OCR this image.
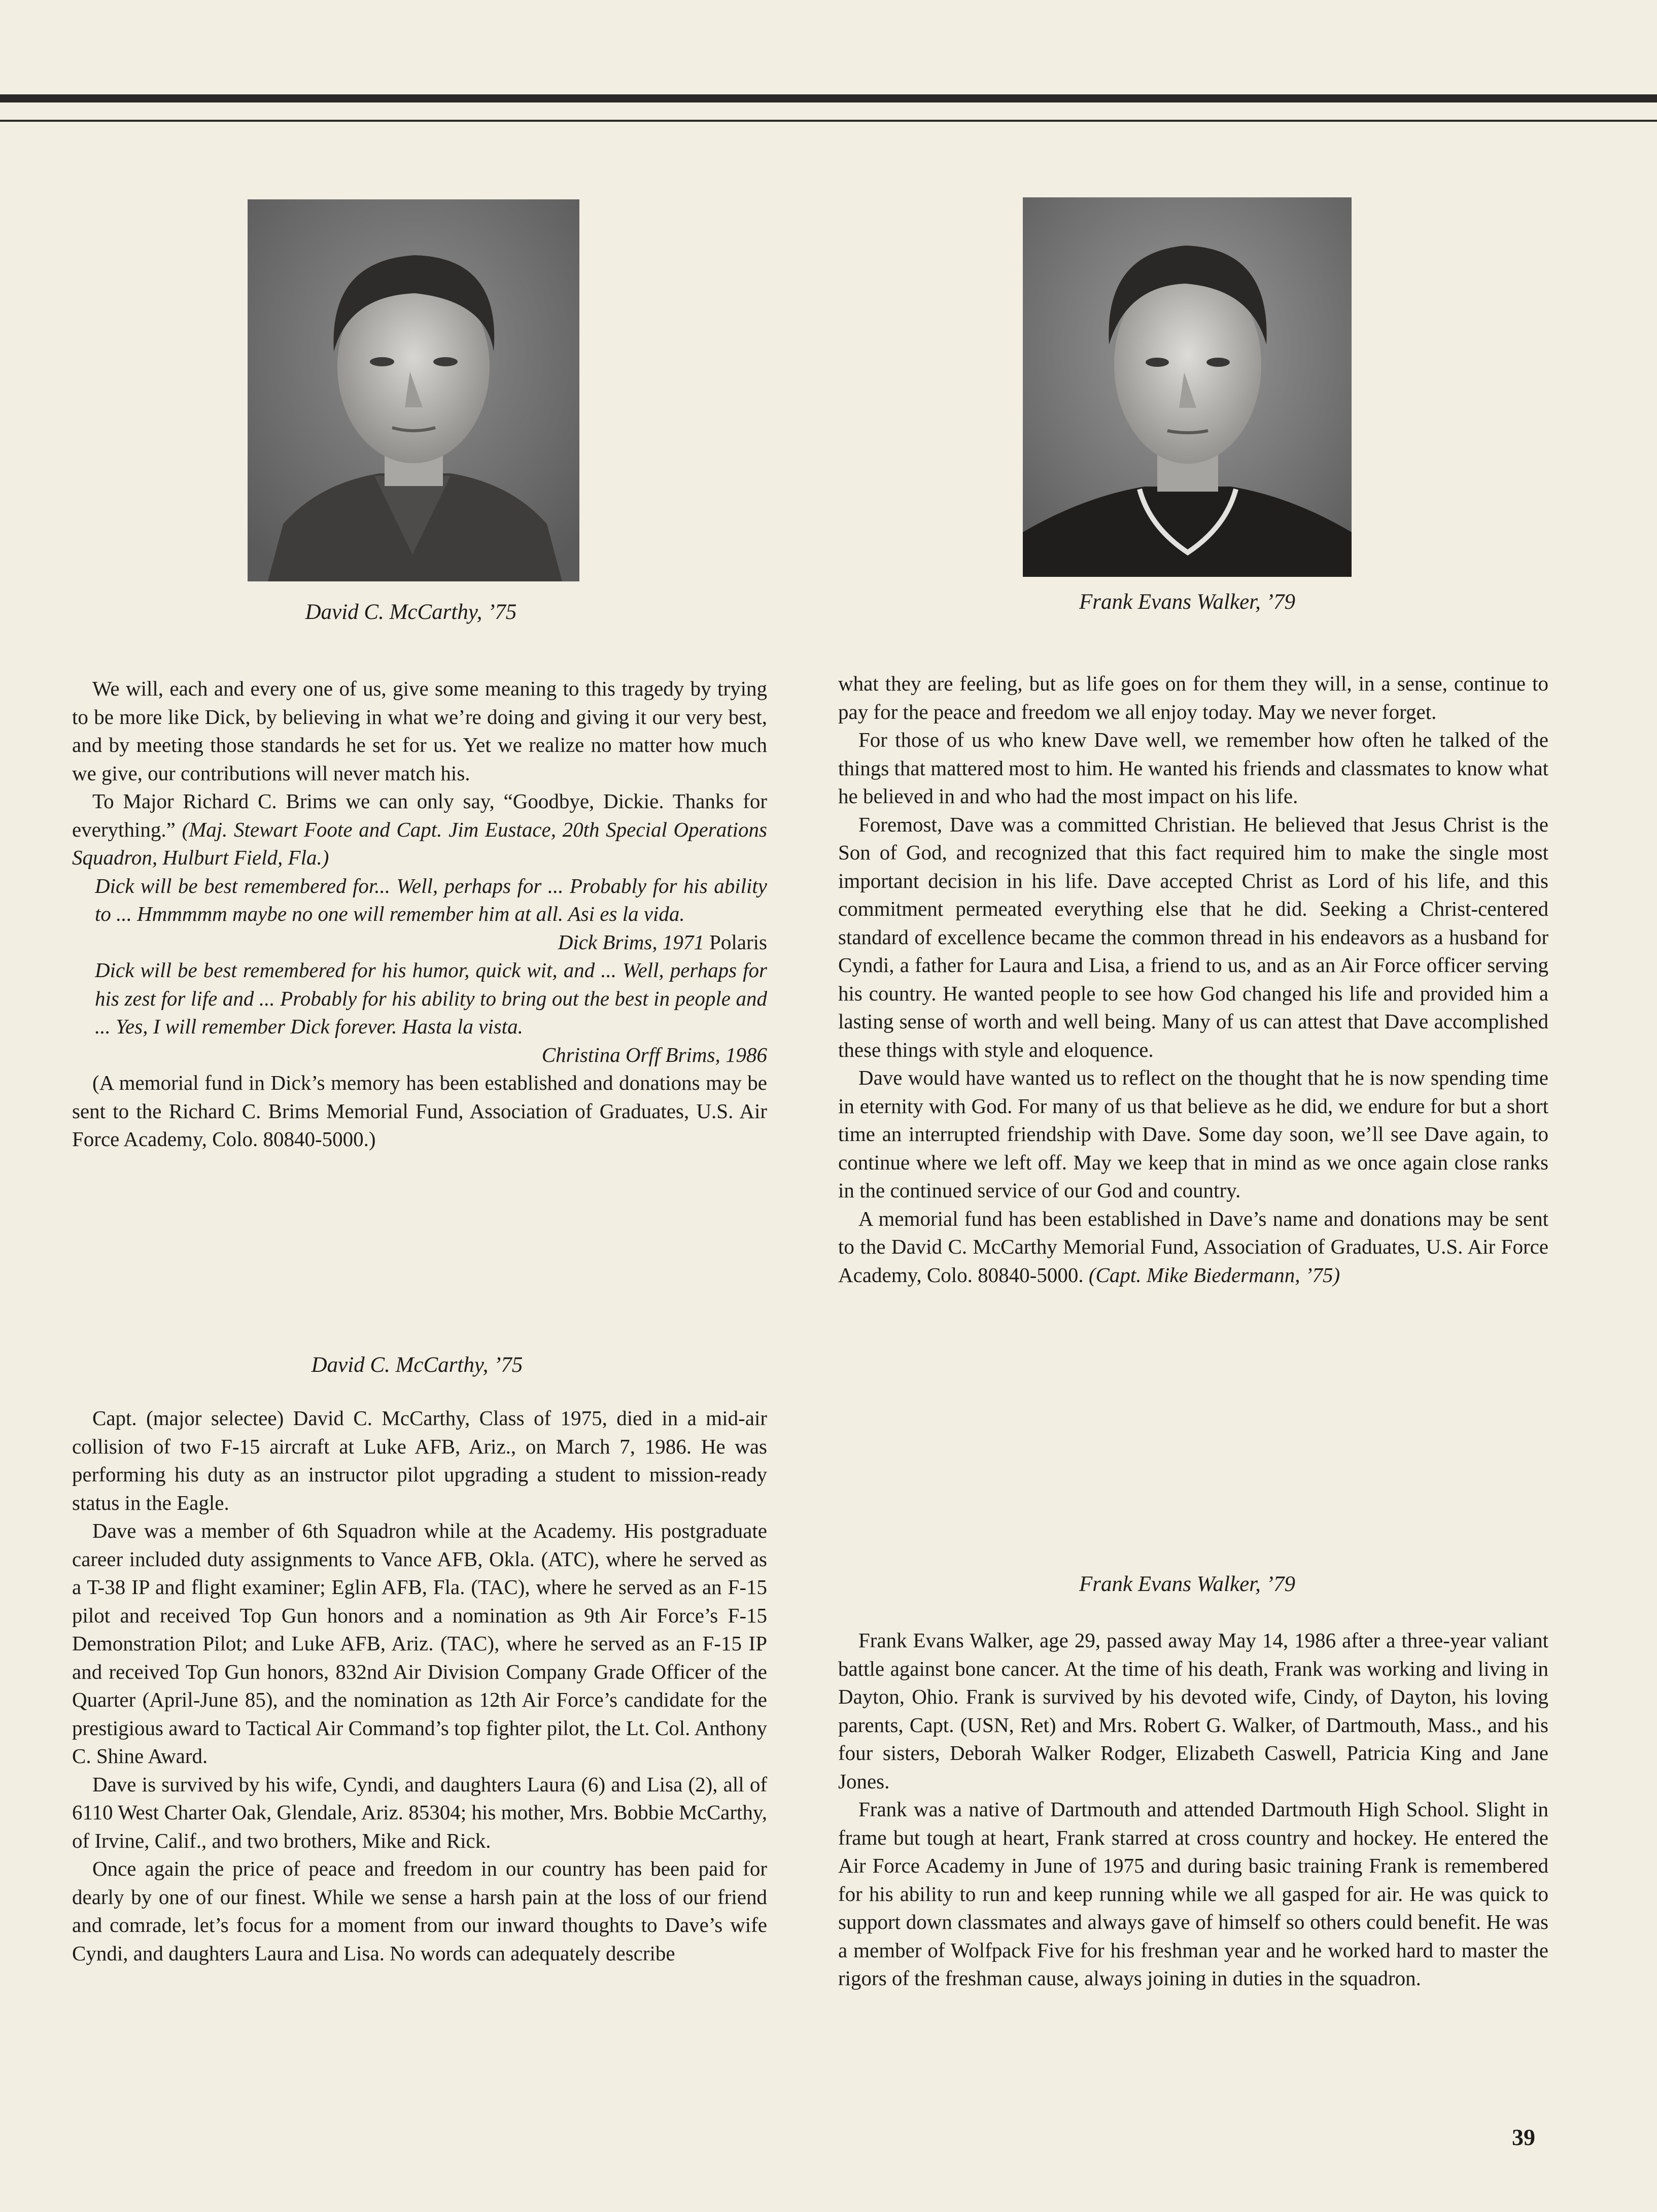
David C. McCarthy, ’75	Frank Evans Walker, ’79

We will, each and every one of us, give some meaning to this tragedy by trying to be more like Dick, by believing in what we’re doing and giving it our very best, and by meeting those standards he set for us. Yet we realize no matter how much we give, our contributions will never match his.

To Major Richard C. Brims we can only say, “Goodbye, Dickie. Thanks for everything.” (Maj. Stewart Foote and Capt. Jim Eustace, 20th Special Operations Squadron, Hulburt Field, Fla.)

Dick will be best remembered for... Well, perhaps for ... Probably for his ability to ... Hmmmmm maybe no one will remember him at all. Asi es la vida.

Dick Brims, 1971 Polaris

Dick will be best remembered for his humor, quick wit, and ... Well, perhaps for his zest for life and ... Probably for his ability to bring out the best in people and ... Yes, I will remember Dick forever. Hasta la vista.

Christina Orff Brims, 1986

(A memorial fund in Dick’s memory has been established and donations may be sent to the Richard C. Brims Memorial Fund, Association of Graduates, U.S. Air Force Academy, Colo. 80840-5000.)

David C. McCarthy, ’75

Capt. (major selectee) David C. McCarthy, Class of 1975, died in a mid-air collision of two F-15 aircraft at Luke AFB, Ariz., on March 7, 1986. He was performing his duty as an instructor pilot upgrading a student to mission-ready status in the Eagle.

Dave was a member of 6th Squadron while at the Academy. His postgraduate career included duty assignments to Vance AFB, Okla. (ATC), where he served as a T-38 IP and flight examiner; Eglin AFB, Fla. (TAC), where he served as an F-15 pilot and received Top Gun honors and a nomination as 9th Air Force’s F-15 Demonstration Pilot; and Luke AFB, Ariz. (TAC), where he served as an F-15 IP and received Top Gun honors, 832nd Air Division Company Grade Officer of the Quarter (April-June 85), and the nomination as 12th Air Force’s candidate for the prestigious award to Tactical Air Command’s top fighter pilot, the Lt. Col. Anthony C. Shine Award.

Dave is survived by his wife, Cyndi, and daughters Laura (6) and Lisa (2), all of 6110 West Charter Oak, Glendale, Ariz. 85304; his mother, Mrs. Bobbie McCarthy, of Irvine, Calif., and two brothers, Mike and Rick.

Once again the price of peace and freedom in our country has been paid for dearly by one of our finest. While we sense a harsh pain at the loss of our friend and comrade, let’s focus for a moment from our inward thoughts to Dave’s wife Cyndi, and daughters Laura and Lisa. No words can adequately describe

what they are feeling, but as life goes on for them they will, in a sense, continue to pay for the peace and freedom we all enjoy today. May we never forget.

For those of us who knew Dave well, we remember how often he talked of the things that mattered most to him. He wanted his friends and classmates to know what he believed in and who had the most impact on his life.

Foremost, Dave was a committed Christian. He believed that Jesus Christ is the Son of God, and recognized that this fact required him to make the single most important decision in his life. Dave accepted Christ as Lord of his life, and this commitment permeated everything else that he did. Seeking a Christ-centered standard of excellence became the common thread in his endeavors as a husband for Cyndi, a father for Laura and Lisa, a friend to us, and as an Air Force officer serving his country. He wanted people to see how God changed his life and provided him a lasting sense of worth and well being. Many of us can attest that Dave accomplished these things with style and eloquence.

Dave would have wanted us to reflect on the thought that he is now spending time in eternity with God. For many of us that believe as he did, we endure for but a short time an interrupted friendship with Dave. Some day soon, we’ll see Dave again, to continue where we left off. May we keep that in mind as we once again close ranks in the continued service of our God and country.

A memorial fund has been established in Dave’s name and donations may be sent to the David C. McCarthy Memorial Fund, Association of Graduates, U.S. Air Force Academy, Colo. 80840-5000. (Capt. Mike Biedermann, ’75)

Frank Evans Walker, ’79

Frank Evans Walker, age 29, passed away May 14, 1986 after a three-year valiant battle against bone cancer. At the time of his death, Frank was working and living in Dayton, Ohio. Frank is survived by his devoted wife, Cindy, of Dayton, his loving parents, Capt. (USN, Ret) and Mrs. Robert G. Walker, of Dartmouth, Mass., and his four sisters, Deborah Walker Rodger, Elizabeth Caswell, Patricia King and Jane Jones.

Frank was a native of Dartmouth and attended Dartmouth High School. Slight in frame but tough at heart, Frank starred at cross country and hockey. He entered the Air Force Academy in June of 1975 and during basic training Frank is remembered for his ability to run and keep running while we all gasped for air. He was quick to support down classmates and always gave of himself so others could benefit. He was a member of Wolfpack Five for his freshman year and he worked hard to master the rigors of the freshman cause, always joining in duties in the squadron.

39
